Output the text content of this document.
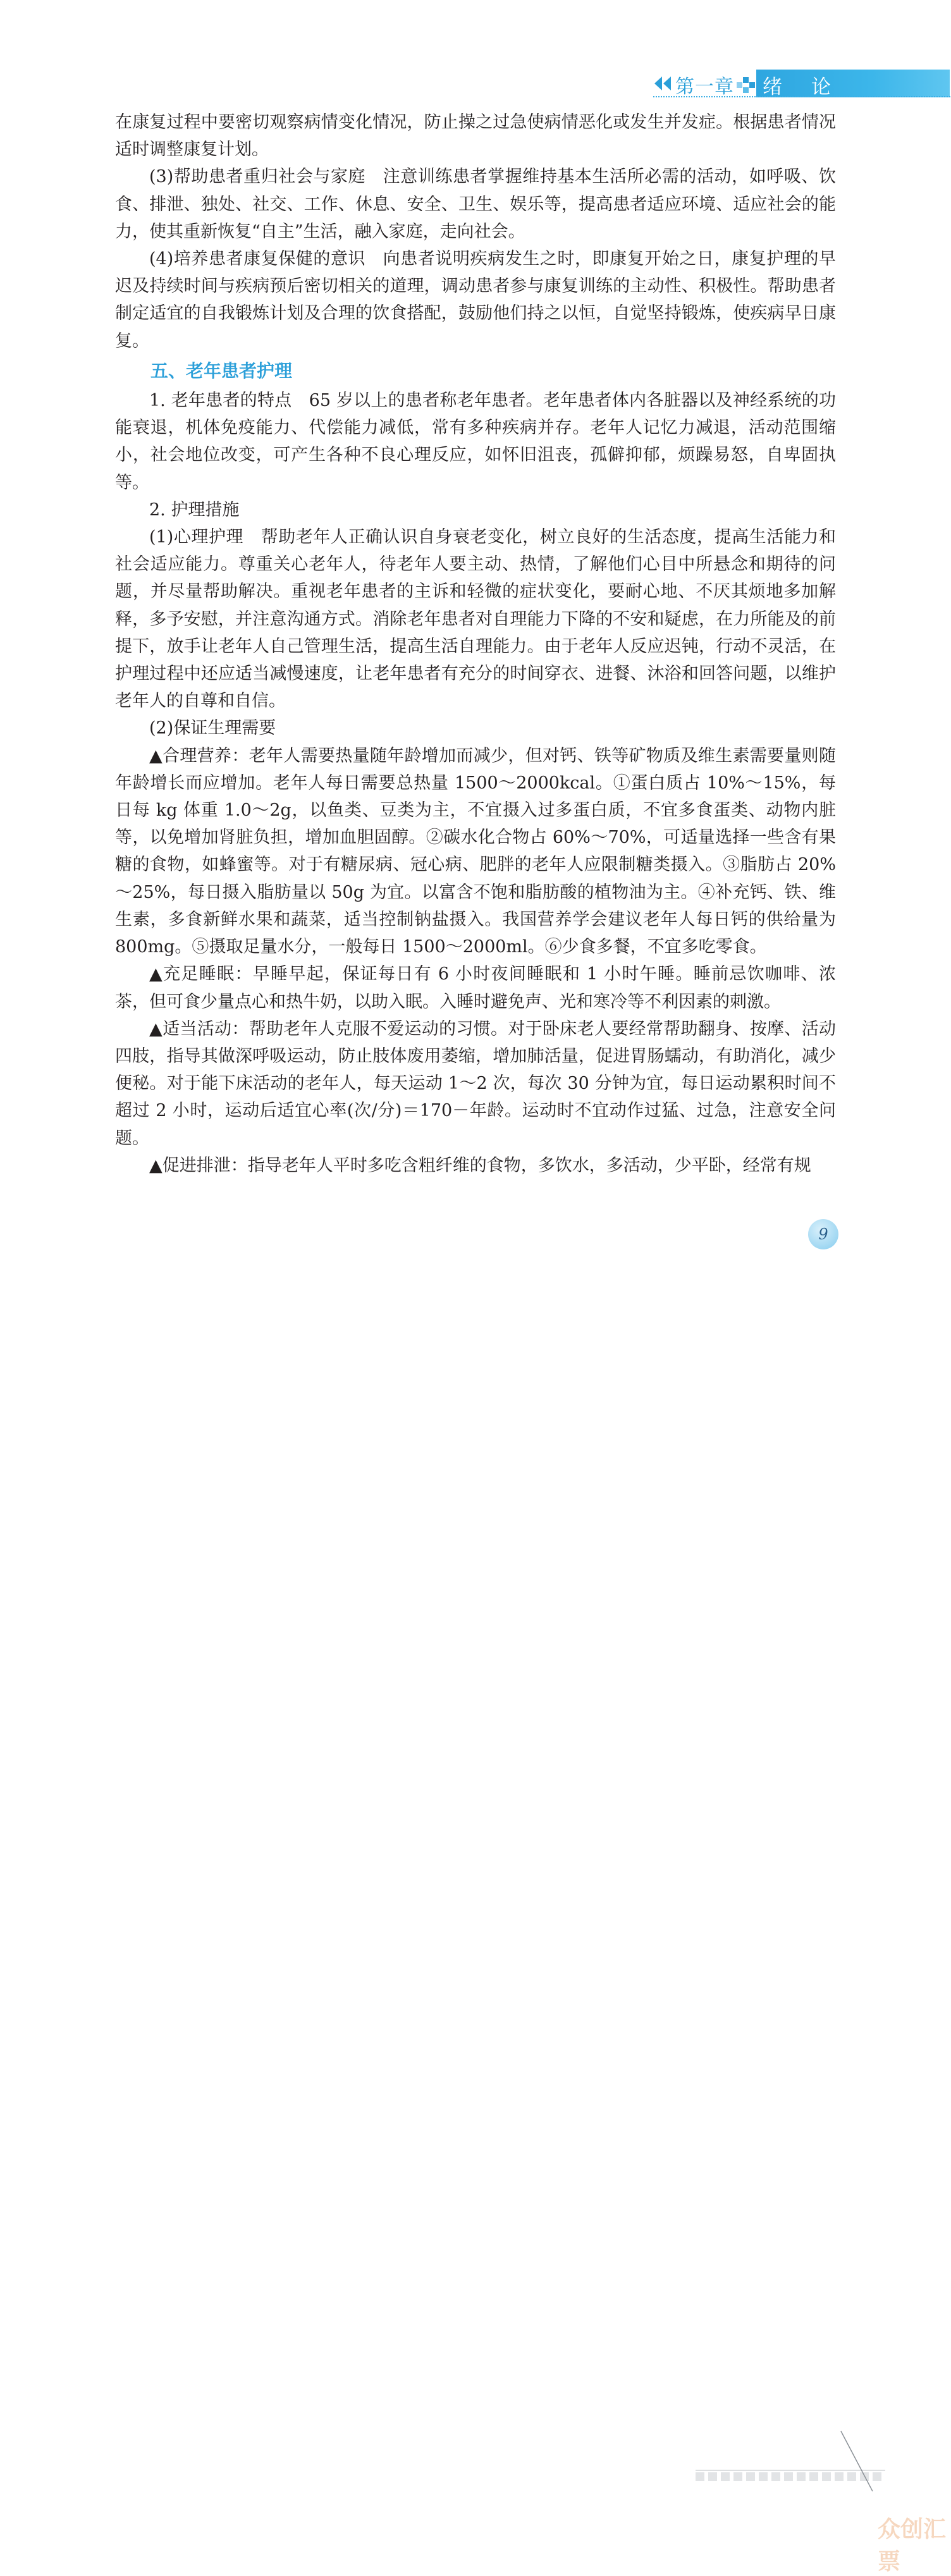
第一章 绪论

在康复过程中要密切观察病情变化情况，防止操之过急使病情恶化或发生并发症。根据患者情况适时调整康复计划。

(3)帮助患者重归社会与家庭　注意训练患者掌握维持基本生活所必需的活动，如呼吸、饮食、排泄、独处、社交、工作、休息、安全、卫生、娱乐等，提高患者适应环境、适应社会的能力，使其重新恢复“自主”生活，融入家庭，走向社会。

(4)培养患者康复保健的意识　向患者说明疾病发生之时，即康复开始之日，康复护理的早迟及持续时间与疾病预后密切相关的道理，调动患者参与康复训练的主动性、积极性。帮助患者制定适宜的自我锻炼计划及合理的饮食搭配，鼓励他们持之以恒，自觉坚持锻炼，使疾病早日康复。

五、老年患者护理

1. 老年患者的特点　65 岁以上的患者称老年患者。老年患者体内各脏器以及神经系统的功能衰退，机体免疫能力、代偿能力减低，常有多种疾病并存。老年人记忆力减退，活动范围缩小，社会地位改变，可产生各种不良心理反应，如怀旧沮丧，孤僻抑郁，烦躁易怒，自卑固执等。

2. 护理措施

(1)心理护理　帮助老年人正确认识自身衰老变化，树立良好的生活态度，提高生活能力和社会适应能力。尊重关心老年人，待老年人要主动、热情，了解他们心目中所悬念和期待的问题，并尽量帮助解决。重视老年患者的主诉和轻微的症状变化，要耐心地、不厌其烦地多加解释，多予安慰，并注意沟通方式。消除老年患者对自理能力下降的不安和疑虑，在力所能及的前提下，放手让老年人自己管理生活，提高生活自理能力。由于老年人反应迟钝，行动不灵活，在护理过程中还应适当减慢速度，让老年患者有充分的时间穿衣、进餐、沐浴和回答问题，以维护老年人的自尊和自信。

(2)保证生理需要

▲合理营养：老年人需要热量随年龄增加而减少，但对钙、铁等矿物质及维生素需要量则随年龄增长而应增加。老年人每日需要总热量 1500～2000kcal。①蛋白质占 10%～15%，每日每 kg 体重 1.0～2g，以鱼类、豆类为主，不宜摄入过多蛋白质，不宜多食蛋类、动物内脏等，以免增加肾脏负担，增加血胆固醇。②碳水化合物占 60%～70%，可适量选择一些含有果糖的食物，如蜂蜜等。对于有糖尿病、冠心病、肥胖的老年人应限制糖类摄入。③脂肪占 20%～25%，每日摄入脂肪量以 50g 为宜。以富含不饱和脂肪酸的植物油为主。④补充钙、铁、维生素，多食新鲜水果和蔬菜，适当控制钠盐摄入。我国营养学会建议老年人每日钙的供给量为 800mg。⑤摄取足量水分，一般每日 1500～2000ml。⑥少食多餐，不宜多吃零食。

▲充足睡眠：早睡早起，保证每日有 6 小时夜间睡眠和 1 小时午睡。睡前忌饮咖啡、浓茶，但可食少量点心和热牛奶，以助入眠。入睡时避免声、光和寒冷等不利因素的刺激。

▲适当活动：帮助老年人克服不爱运动的习惯。对于卧床老人要经常帮助翻身、按摩、活动四肢，指导其做深呼吸运动，防止肢体废用萎缩，增加肺活量，促进胃肠蠕动，有助消化，减少便秘。对于能下床活动的老年人，每天运动 1～2 次，每次 30 分钟为宜，每日运动累积时间不超过 2 小时，运动后适宜心率(次/分)＝170－年龄。运动时不宜动作过猛、过急，注意安全问题。

▲促进排泄：指导老年人平时多吃含粗纤维的食物，多饮水，多活动，少平卧，经常有规

众创汇票
9
